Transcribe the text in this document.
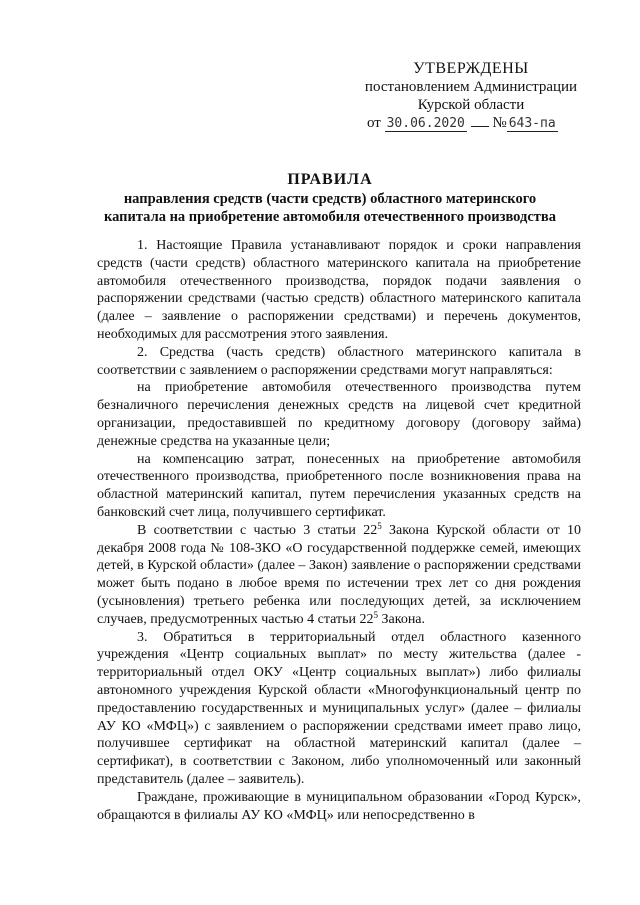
УТВЕРЖДЕНЫ
постановлением Администрации
Курской области
от 30.06.2020 № 643-па
ПРАВИЛА
направления средств (части средств) областного материнского
капитала на приобретение автомобиля отечественного производства

1. Настоящие Правила устанавливают порядок и сроки направления средств (части средств) областного материнского капитала на приобретение автомобиля отечественного производства, порядок подачи заявления о распоряжении средствами (частью средств) областного материнского капитала (далее – заявление о распоряжении средствами) и перечень документов, необходимых для рассмотрения этого заявления.

2. Средства (часть средств) областного материнского капитала в соответствии с заявлением о распоряжении средствами могут направляться:

на приобретение автомобиля отечественного производства путем безналичного перечисления денежных средств на лицевой счет кредитной организации, предоставившей по кредитному договору (договору займа) денежные средства на указанные цели;

на компенсацию затрат, понесенных на приобретение автомобиля отечественного производства, приобретенного после возникновения права на областной материнский капитал, путем перечисления указанных средств на банковский счет лица, получившего сертификат.

В соответствии с частью 3 статьи $22^5$ Закона Курской области от 10 декабря 2008 года № 108-ЗКО «О государственной поддержке семей, имеющих детей, в Курской области» (далее – Закон) заявление о распоряжении средствами может быть подано в любое время по истечении трех лет со дня рождения (усыновления) третьего ребенка или последующих детей, за исключением случаев, предусмотренных частью 4 статьи $22^5$ Закона.

3. Обратиться в территориальный отдел областного казенного учреждения «Центр социальных выплат» по месту жительства (далее - территориальный отдел ОКУ «Центр социальных выплат») либо филиалы автономного учреждения Курской области «Многофункциональный центр по предоставлению государственных и муниципальных услуг» (далее – филиалы АУ КО «МФЦ») с заявлением о распоряжении средствами имеет право лицо, получившее сертификат на областной материнский капитал (далее – сертификат), в соответствии с Законом, либо уполномоченный или законный представитель (далее – заявитель).

Граждане, проживающие в муниципальном образовании «Город Курск», обращаются в филиалы АУ КО «МФЦ» или непосредственно в
